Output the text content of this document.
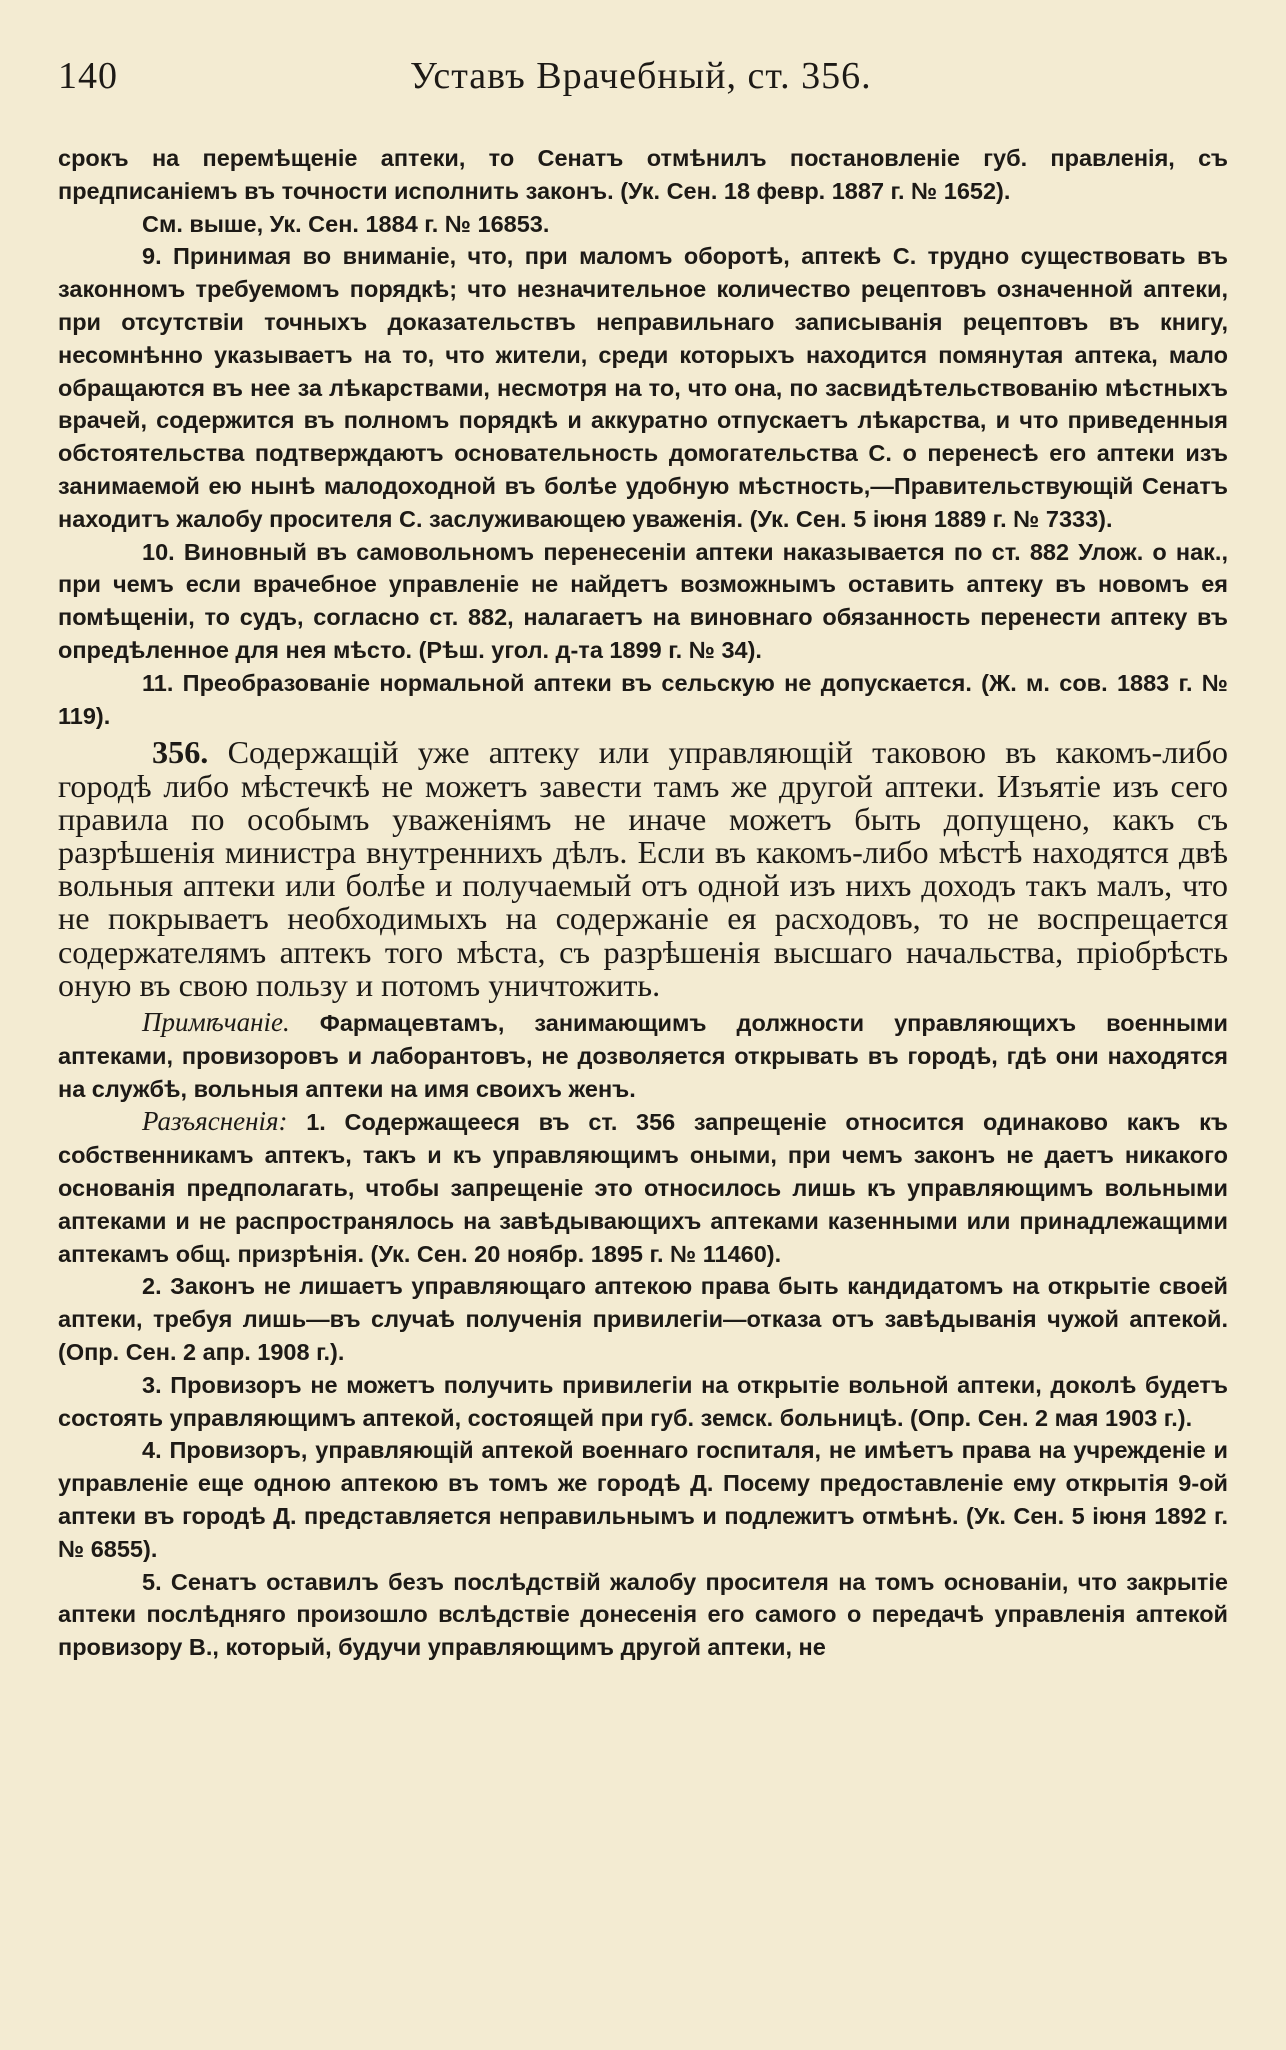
140	Уставъ Врачебный, ст. 356.

срокъ на перемѣщеніе аптеки, то Сенатъ отмѣнилъ постановленіе губ. правленія, съ предписаніемъ въ точности исполнить законъ. (Ук. Сен. 18 февр. 1887 г. № 1652).

См. выше, Ук. Сен. 1884 г. № 16853.

9. Принимая во вниманіе, что, при маломъ оборотѣ, аптекѣ С. трудно существовать въ законномъ требуемомъ порядкѣ; что незначительное количество рецептовъ означенной аптеки, при отсутствіи точныхъ доказательствъ неправильнаго записыванія рецептовъ въ книгу, несомнѣнно указываетъ на то, что жители, среди которыхъ находится помянутая аптека, мало обращаются въ нее за лѣкарствами, несмотря на то, что она, по засвидѣтельствованію мѣстныхъ врачей, содержится въ полномъ порядкѣ и аккуратно отпускаетъ лѣкарства, и что приведенныя обстоятельства подтверждаютъ основательность домогательства С. о перенесѣ его аптеки изъ занимаемой ею нынѣ малодоходной въ болѣе удобную мѣстность,—Правительствующій Сенатъ находитъ жалобу просителя С. заслуживающею уваженія. (Ук. Сен. 5 іюня 1889 г. № 7333).

10. Виновный въ самовольномъ перенесеніи аптеки наказывается по ст. 882 Улож. о нак., при чемъ если врачебное управленіе не найдетъ возможнымъ оставить аптеку въ новомъ ея помѣщеніи, то судъ, согласно ст. 882, налагаетъ на виновнаго обязанность перенести аптеку въ опредѣленное для нея мѣсто. (Рѣш. угол. д-та 1899 г. № 34).

11. Преобразованіе нормальной аптеки въ сельскую не допускается. (Ж. м. сов. 1883 г. № 119).

356. Содержащій уже аптеку или управляющій таковою въ какомъ-либо городѣ либо мѣстечкѣ не можетъ завести тамъ же другой аптеки. Изъятіе изъ сего правила по особымъ уваженіямъ не иначе можетъ быть допущено, какъ съ разрѣшенія министра внутреннихъ дѣлъ. Если въ какомъ-либо мѣстѣ находятся двѣ вольныя аптеки или болѣе и получаемый отъ одной изъ нихъ доходъ такъ малъ, что не покрываетъ необходимыхъ на содержаніе ея расходовъ, то не воспрещается содержателямъ аптекъ того мѣста, съ разрѣшенія высшаго начальства, пріобрѣсть оную въ свою пользу и потомъ уничтожить.

Примѣчаніе. Фармацевтамъ, занимающимъ должности управляющихъ военными аптеками, провизоровъ и лаборантовъ, не дозволяется открывать въ городѣ, гдѣ они находятся на службѣ, вольныя аптеки на имя своихъ женъ.

Разъясненія: 1. Содержащееся въ ст. 356 запрещеніе относится одинаково какъ къ собственникамъ аптекъ, такъ и къ управляющимъ оными, при чемъ законъ не даетъ никакого основанія предполагать, чтобы запрещеніе это относилось лишь къ управляющимъ вольными аптеками и не распространялось на завѣдывающихъ аптеками казенными или принадлежащими аптекамъ общ. призрѣнія. (Ук. Сен. 20 ноябр. 1895 г. № 11460).

2. Законъ не лишаетъ управляющаго аптекою права быть кандидатомъ на открытіе своей аптеки, требуя лишь—въ случаѣ полученія привилегіи—отказа отъ завѣдыванія чужой аптекой. (Опр. Сен. 2 апр. 1908 г.).

3. Провизоръ не можетъ получить привилегіи на открытіе вольной аптеки, доколѣ будетъ состоять управляющимъ аптекой, состоящей при губ. земск. больницѣ. (Опр. Сен. 2 мая 1903 г.).

4. Провизоръ, управляющій аптекой военнаго госпиталя, не имѣетъ права на учрежденіе и управленіе еще одною аптекою въ томъ же городѣ Д. Посему предоставленіе ему открытія 9-ой аптеки въ городѣ Д. представляется неправильнымъ и подлежитъ отмѣнѣ. (Ук. Сен. 5 іюня 1892 г. № 6855).

5. Сенатъ оставилъ безъ послѣдствій жалобу просителя на томъ основаніи, что закрытіе аптеки послѣдняго произошло вслѣдствіе донесенія его самого о передачѣ управленія аптекой провизору В., который, будучи управляющимъ другой аптеки, не
